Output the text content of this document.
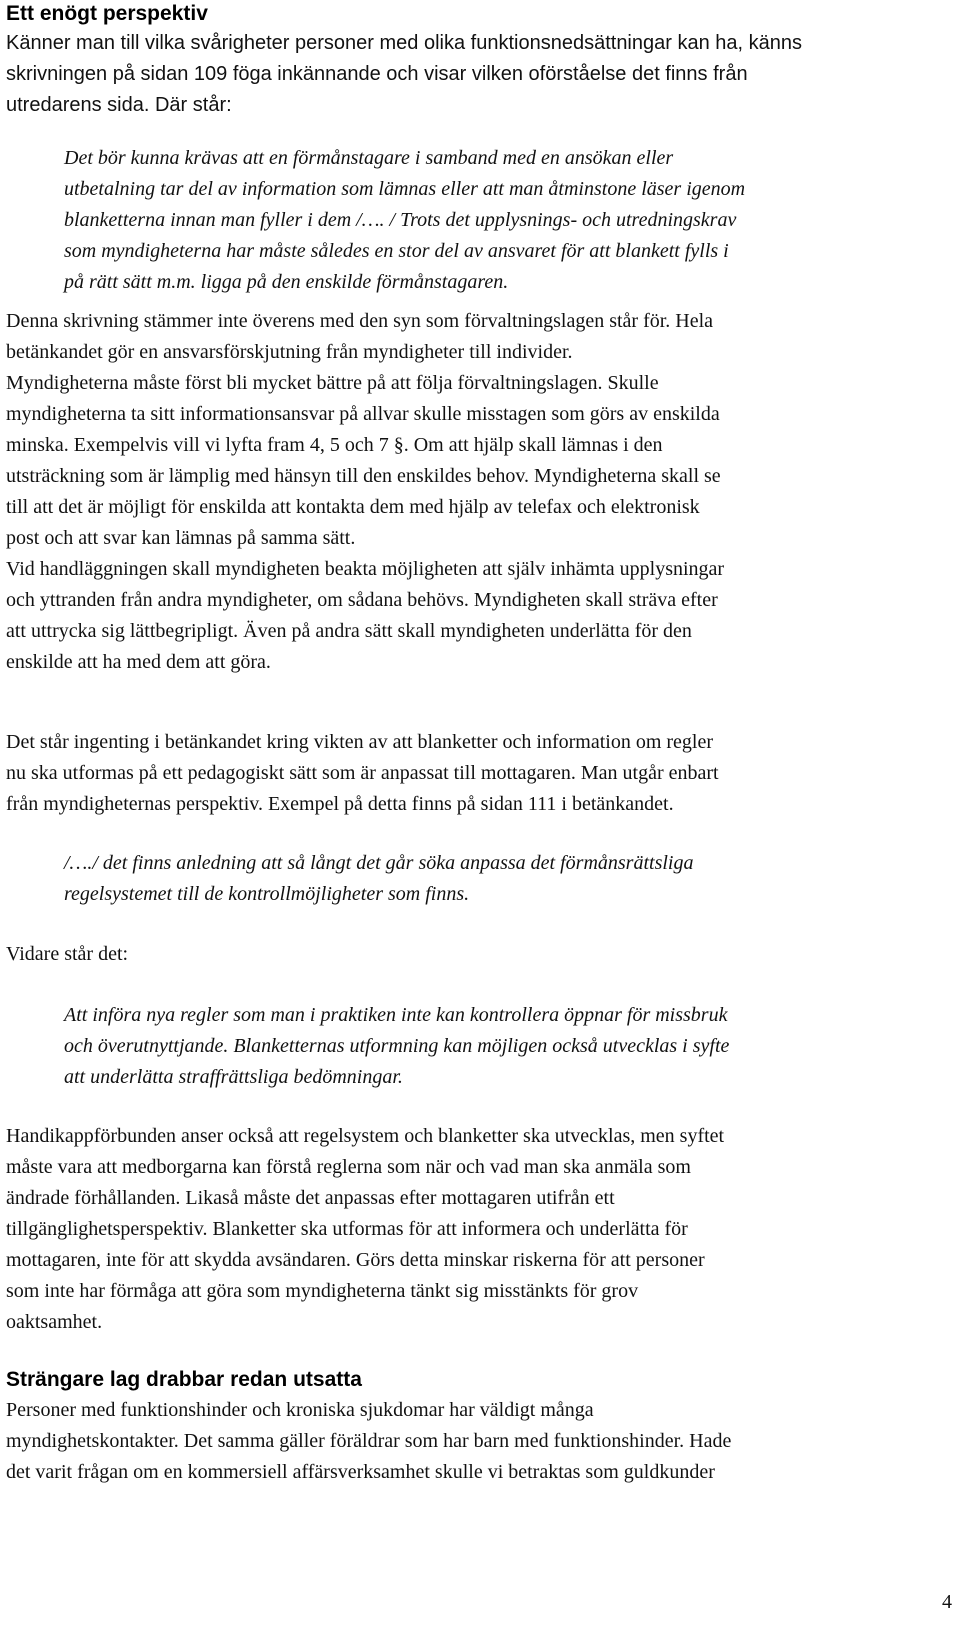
Ett enögt perspektiv
Känner man till vilka svårigheter personer med olika funktionsnedsättningar kan ha, känns
skrivningen på sidan 109 föga inkännande och visar vilken oförståelse det finns från
utredarens sida. Där står:
Det bör kunna krävas att en förmånstagare i samband med en ansökan eller
utbetalning tar del av information som lämnas eller att man åtminstone läser igenom
blanketterna innan man fyller i dem /…. / Trots det upplysnings- och utredningskrav
som myndigheterna har måste således en stor del av ansvaret för att blankett fylls i
på rätt sätt m.m. ligga på den enskilde förmånstagaren.
Denna skrivning stämmer inte överens med den syn som förvaltningslagen står för. Hela
betänkandet gör en ansvarsförskjutning från myndigheter till individer.
Myndigheterna måste först bli mycket bättre på att följa förvaltningslagen. Skulle
myndigheterna ta sitt informationsansvar på allvar skulle misstagen som görs av enskilda
minska. Exempelvis vill vi lyfta fram 4, 5 och 7 §. Om att hjälp skall lämnas i den
utsträckning som är lämplig med hänsyn till den enskildes behov. Myndigheterna skall se
till att det är möjligt för enskilda att kontakta dem med hjälp av telefax och elektronisk
post och att svar kan lämnas på samma sätt.
Vid handläggningen skall myndigheten beakta möjligheten att själv inhämta upplysningar
och yttranden från andra myndigheter, om sådana behövs. Myndigheten skall sträva efter
att uttrycka sig lättbegripligt. Även på andra sätt skall myndigheten underlätta för den
enskilde att ha med dem att göra.
Det står ingenting i betänkandet kring vikten av att blanketter och information om regler
nu ska utformas på ett pedagogiskt sätt som är anpassat till mottagaren. Man utgår enbart
från myndigheternas perspektiv. Exempel på detta finns på sidan 111 i betänkandet.
/…./ det finns anledning att så långt det går söka anpassa det förmånsrättsliga
regelsystemet till de kontrollmöjligheter som finns.
Vidare står det:
Att införa nya regler som man i praktiken inte kan kontrollera öppnar för missbruk
och överutnyttjande. Blanketternas utformning kan möjligen också utvecklas i syfte
att underlätta straffrättsliga bedömningar.
Handikappförbunden anser också att regelsystem och blanketter ska utvecklas, men syftet
måste vara att medborgarna kan förstå reglerna som när och vad man ska anmäla som
ändrade förhållanden. Likaså måste det anpassas efter mottagaren utifrån ett
tillgänglighetsperspektiv. Blanketter ska utformas för att informera och underlätta för
mottagaren, inte för att skydda avsändaren. Görs detta minskar riskerna för att personer
som inte har förmåga att göra som myndigheterna tänkt sig misstänkts för grov
oaktsamhet.
Strängare lag drabbar redan utsatta
Personer med funktionshinder och kroniska sjukdomar har väldigt många
myndighetskontakter. Det samma gäller föräldrar som har barn med funktionshinder. Hade
det varit frågan om en kommersiell affärsverksamhet skulle vi betraktas som guldkunder
4
